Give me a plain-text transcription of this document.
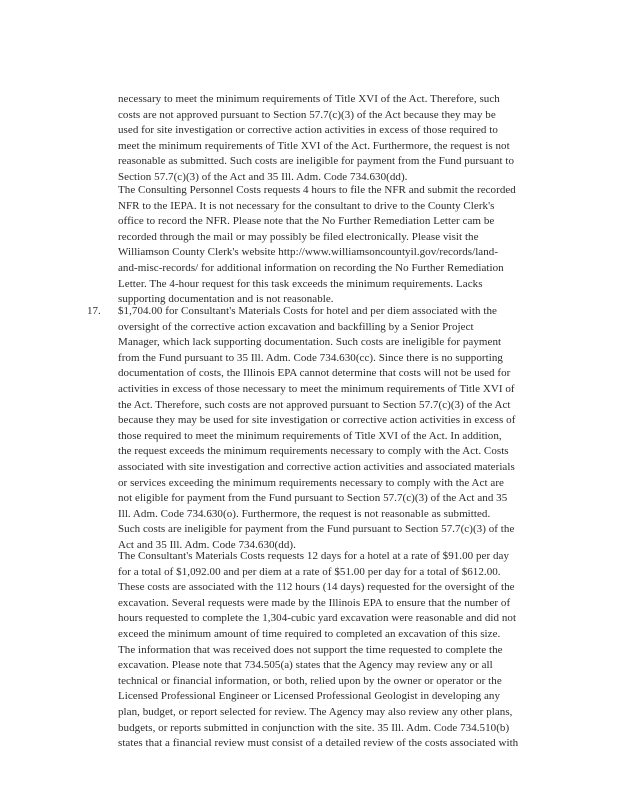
necessary to meet the minimum requirements of Title XVI of the Act. Therefore, such
costs are not approved pursuant to Section 57.7(c)(3) of the Act because they may be
used for site investigation or corrective action activities in excess of those required to
meet the minimum requirements of Title XVI of the Act. Furthermore, the request is not
reasonable as submitted. Such costs are ineligible for payment from the Fund pursuant to
Section 57.7(c)(3) of the Act and 35 Ill. Adm. Code 734.630(dd).
The Consulting Personnel Costs requests 4 hours to file the NFR and submit the recorded
NFR to the IEPA. It is not necessary for the consultant to drive to the County Clerk's
office to record the NFR. Please note that the No Further Remediation Letter cam be
recorded through the mail or may possibly be filed electronically. Please visit the
Williamson County Clerk's website http://www.williamsoncountyil.gov/records/land-
and-misc-records/ for additional information on recording the No Further Remediation
Letter. The 4-hour request for this task exceeds the minimum requirements. Lacks
supporting documentation and is not reasonable.
17. $1,704.00 for Consultant's Materials Costs for hotel and per diem associated with the
oversight of the corrective action excavation and backfilling by a Senior Project
Manager, which lack supporting documentation. Such costs are ineligible for payment
from the Fund pursuant to 35 Ill. Adm. Code 734.630(cc). Since there is no supporting
documentation of costs, the Illinois EPA cannot determine that costs will not be used for
activities in excess of those necessary to meet the minimum requirements of Title XVI of
the Act. Therefore, such costs are not approved pursuant to Section 57.7(c)(3) of the Act
because they may be used for site investigation or corrective action activities in excess of
those required to meet the minimum requirements of Title XVI of the Act. In addition,
the request exceeds the minimum requirements necessary to comply with the Act. Costs
associated with site investigation and corrective action activities and associated materials
or services exceeding the minimum requirements necessary to comply with the Act are
not eligible for payment from the Fund pursuant to Section 57.7(c)(3) of the Act and 35
Ill. Adm. Code 734.630(o). Furthermore, the request is not reasonable as submitted.
Such costs are ineligible for payment from the Fund pursuant to Section 57.7(c)(3) of the
Act and 35 Ill. Adm. Code 734.630(dd).
The Consultant's Materials Costs requests 12 days for a hotel at a rate of $91.00 per day
for a total of $1,092.00 and per diem at a rate of $51.00 per day for a total of $612.00.
These costs are associated with the 112 hours (14 days) requested for the oversight of the
excavation. Several requests were made by the Illinois EPA to ensure that the number of
hours requested to complete the 1,304-cubic yard excavation were reasonable and did not
exceed the minimum amount of time required to completed an excavation of this size.
The information that was received does not support the time requested to complete the
excavation. Please note that 734.505(a) states that the Agency may review any or all
technical or financial information, or both, relied upon by the owner or operator or the
Licensed Professional Engineer or Licensed Professional Geologist in developing any
plan, budget, or report selected for review. The Agency may also review any other plans,
budgets, or reports submitted in conjunction with the site. 35 Ill. Adm. Code 734.510(b)
states that a financial review must consist of a detailed review of the costs associated with
